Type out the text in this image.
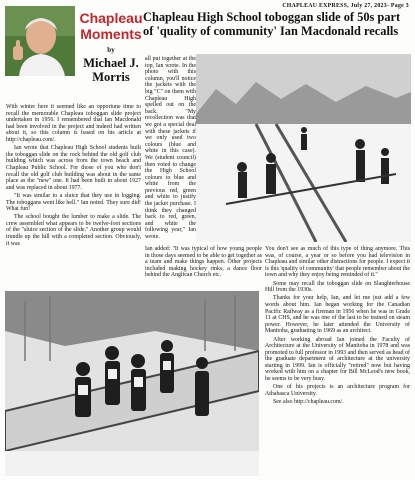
CHAPLEAU EXPRESS, July 27, 2023- Page 3
Chapleau High School toboggan slide of 50s part of 'quality of community' Ian Macdonald recalls
Chapleau
Moments
by
Michael J.
Morris

With winter here it seemed like an opportune time to recall the memorable Chapleau toboggan slide project undertaken in 1956. I remembered that Ian Macdonald had been involved in the project and indeed had written about it, so this column is based on his article at http://chapleau.com/.

Ian wrote that Chapleau High School students built the toboggan slide on the rock behind the old golf club building which was across from the town beach and Chapleau Public School. For those of you who don't recall the old golf club building was about in the same place as the "new" one. It had been built in about 1927 and was replaced in about 1977.

"It was similar to a sluice that they use in logging. The toboggans went like hell." Ian noted. They sure did! What fun!

The school bought the lumber to make a slide. The crew assembled what appears to be twelve-foot sections of the "sluice section of the slide." Another group would trundle up the hill with a completed section. Obviously, it was

all put together at the top, Ian wrote. In the photo with this column, you'll notice the jackets with the big "C" on them with Chapleau High spelled out on the back. "My recollection was that we got a special deal with these jackets if we only used two colours (blue and white in this case). We (student council) then voted to change the High School colours to blue and white from the previous red, green and white to justify the jacket purchase. I think they changed back to red, green, and white the following year," Ian wrote.

Ian added: "It was typical of how young people in those days seemed to be able to get together as a team and make things happen. Other projects included making hockey rinks, a dance floor behind the Anglican Church etc.

You don't see as much of this type of thing anymore. This was, of course, a year or so before you had television in Chapleau and similar other distractions for people. I expect it is this 'quality of community' that people remember about the town and why they enjoy being reminded of it."

Some may recall the toboggan slide on Slaughterhouse Hill from the 1930s.

Thanks for your help, Ian, and let me just add a few words about him. Ian began working for the Canadian Pacific Railway as a fireman in 1956 when he was in Grade 11 at CHS, and he was one of the last to be trained on steam power. However, he later attended the University of Manitoba, graduating in 1969 as an architect.

After working abroad Ian joined the Faculty of Architecture at the University of Manitoba in 1978 and was promoted to full professor in 1993 and then served as head of the graduate department of architecture at the university starting in 1999. Ian is officially "retired" now but having worked with him on a chapter for Bill McLeod's new book, he seems to be very busy.

One of his projects is an architecture program for Athabasca University.

See also http://chapleau.com/.
